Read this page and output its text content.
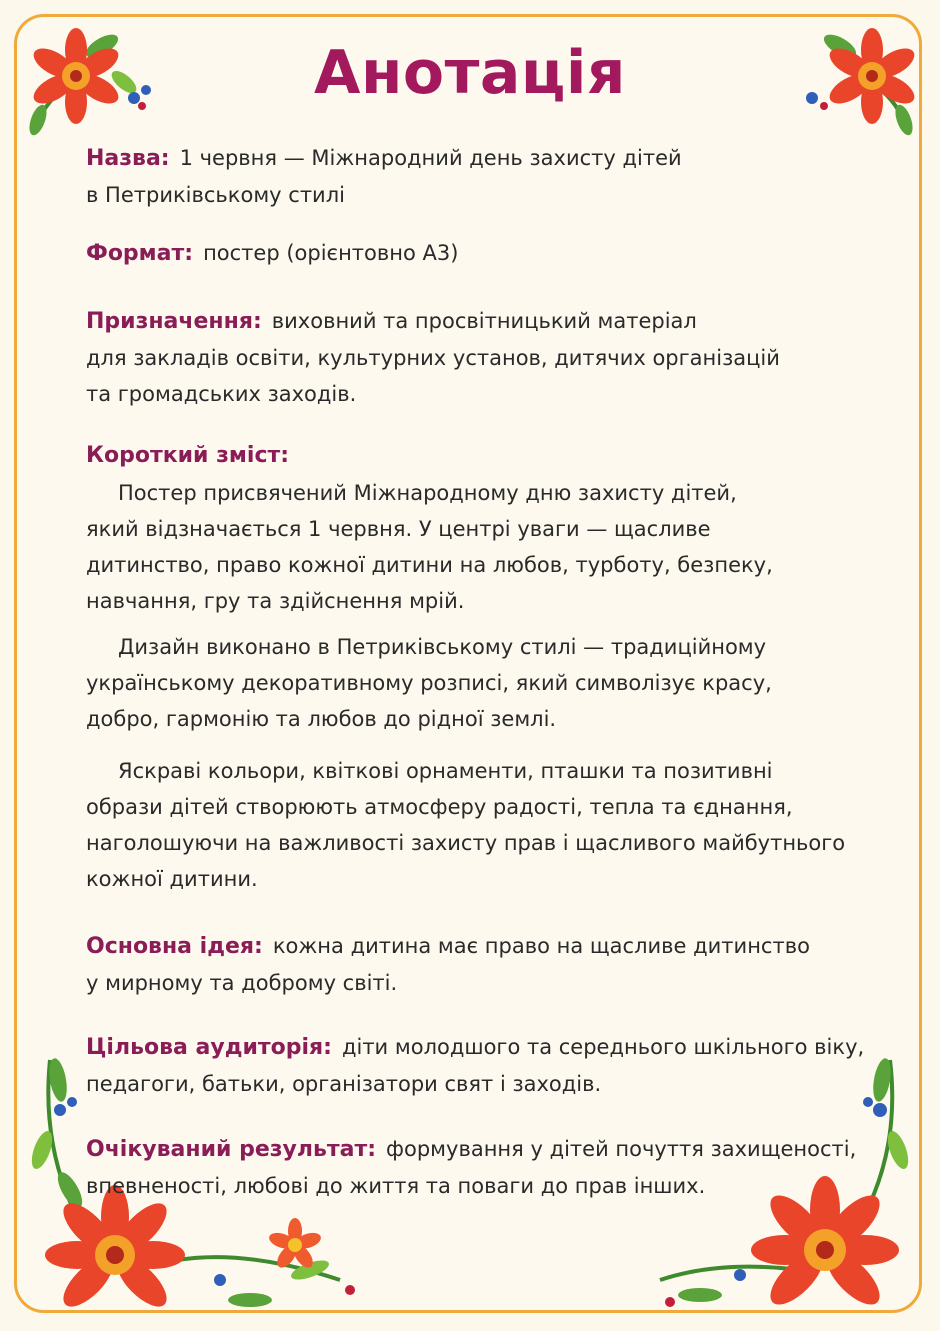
Анотація
Назва: 1 червня — Міжнародний день захисту дітей
в Петриківському стилі
Формат: постер (орієнтовно А3)
Призначення: виховний та просвітницький матеріал
для закладів освіти, культурних установ, дитячих організацій
та громадських заходів.
Короткий зміст:
Постер присвячений Міжнародному дню захисту дітей,
який відзначається 1 червня. У центрі уваги — щасливе
дитинство, право кожної дитини на любов, турботу, безпеку,
навчання, гру та здійснення мрій.
Дизайн виконано в Петриківському стилі — традиційному
українському декоративному розписі, який символізує красу,
добро, гармонію та любов до рідної землі.
Яскраві кольори, квіткові орнаменти, пташки та позитивні
образи дітей створюють атмосферу радості, тепла та єднання,
наголошуючи на важливості захисту прав і щасливого майбутнього
кожної дитини.
Основна ідея: кожна дитина має право на щасливе дитинство
у мирному та доброму світі.
Цільова аудиторія: діти молодшого та середнього шкільного віку,
педагоги, батьки, організатори свят і заходів.
Очікуваний результат: формування у дітей почуття захищеності,
впевненості, любові до життя та поваги до прав інших.
